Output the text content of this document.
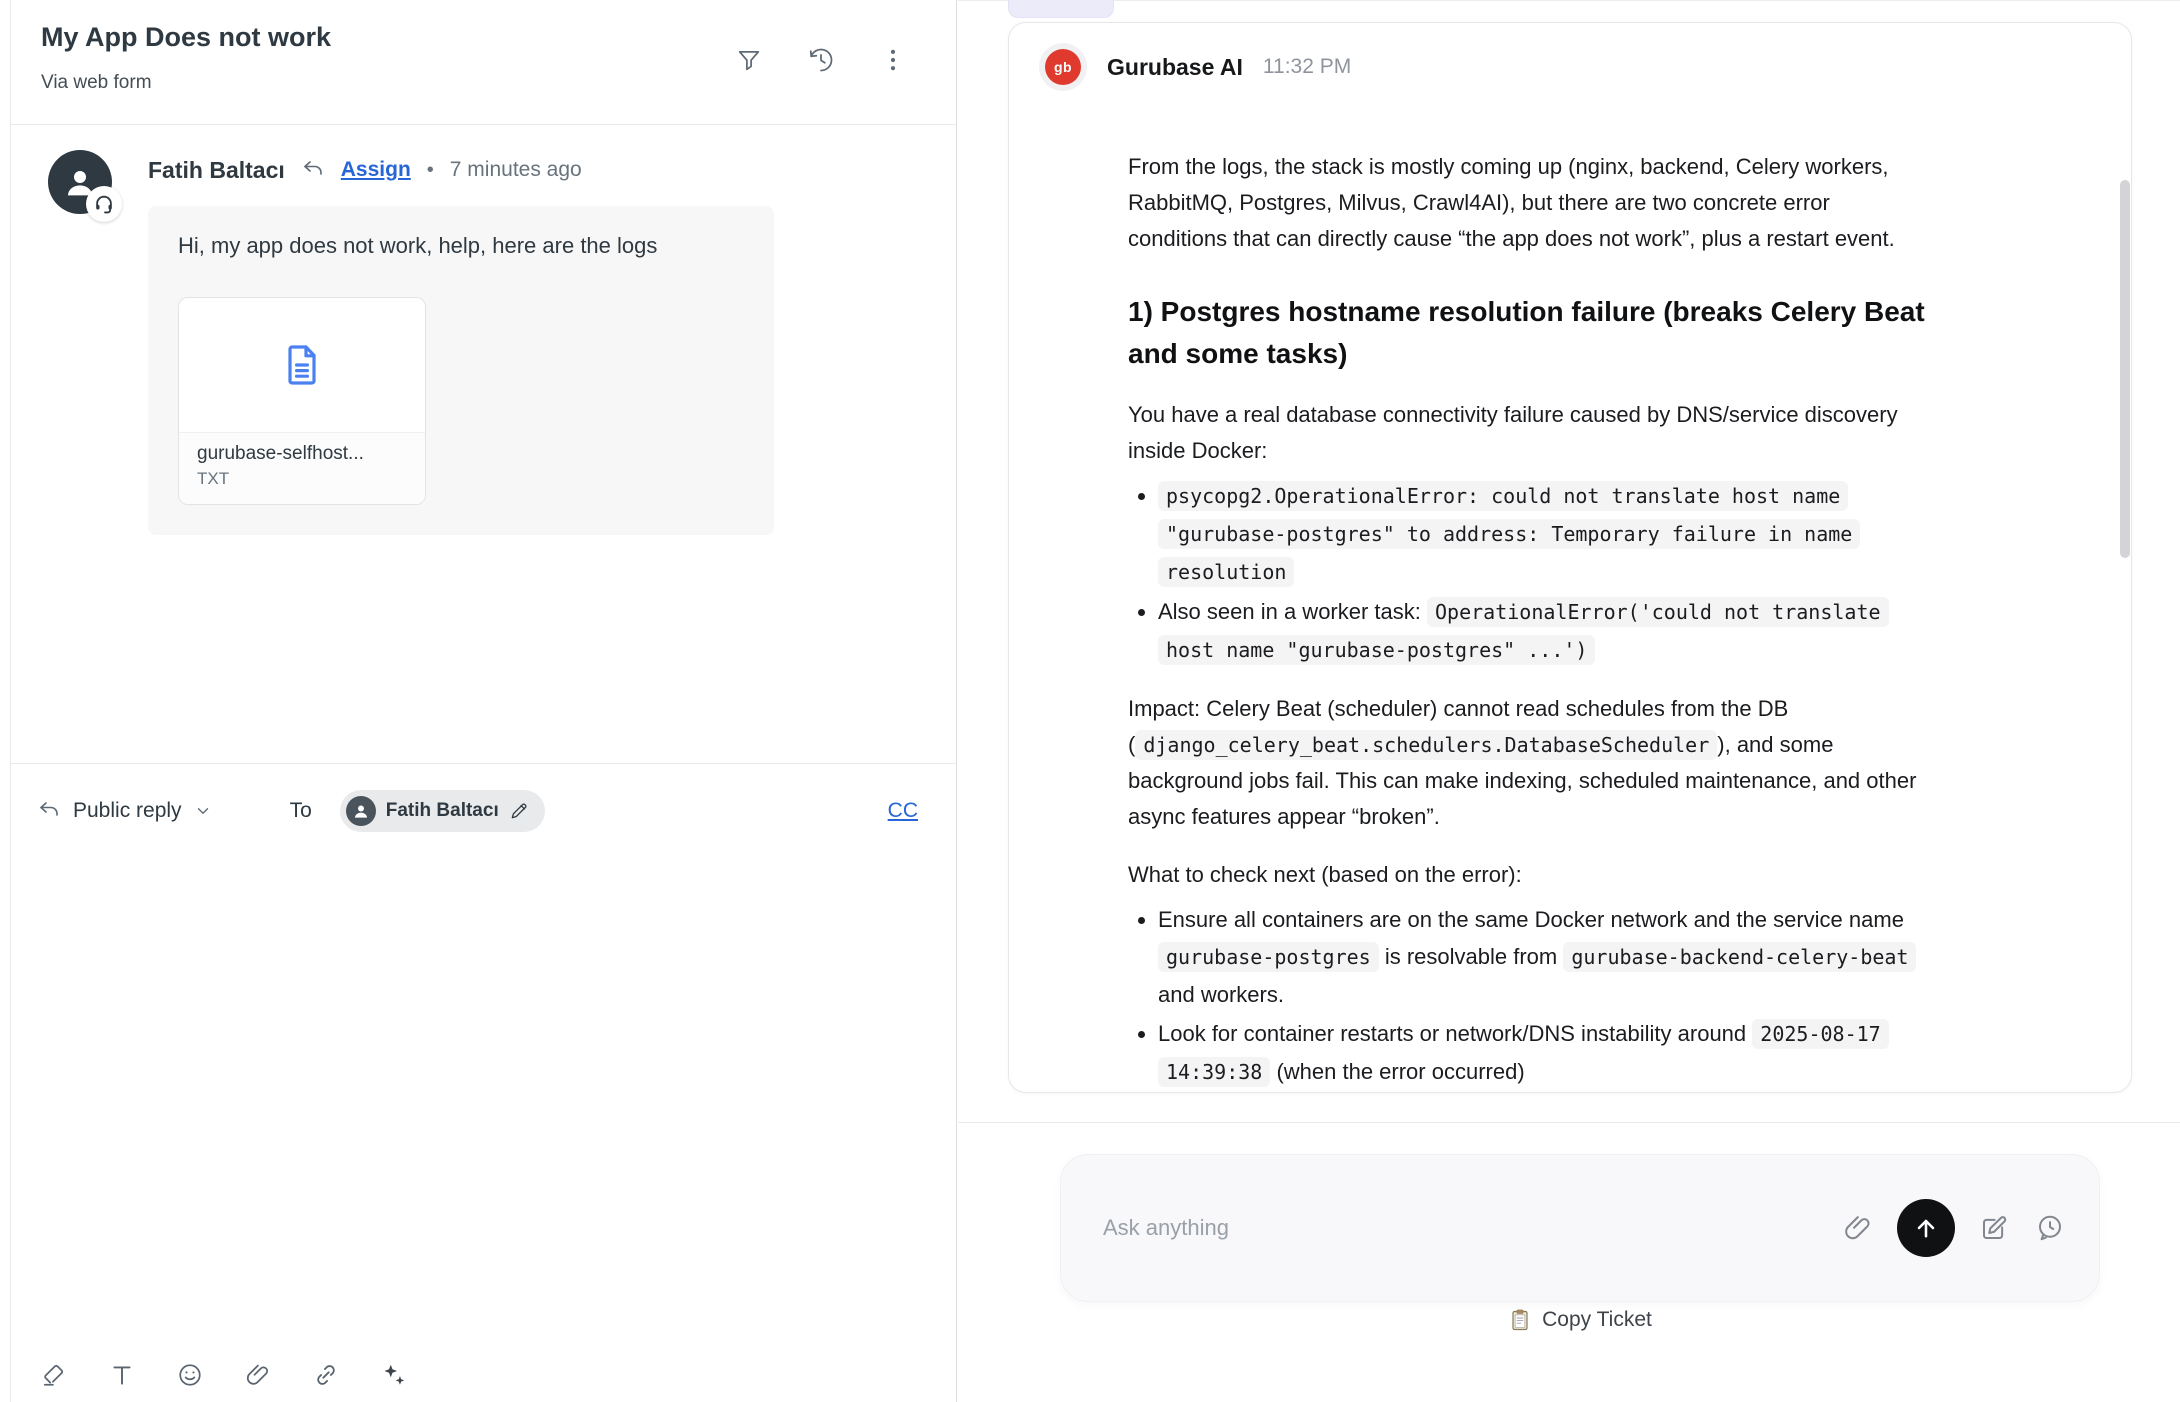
My App Does not work
Via web form
Fatih Baltacı	Assign • 7 minutes ago
Hi, my app does not work, help, here are the logs
gurubase-selfhost...
TXT
Public reply	To	Fatih Baltacı	CC
gb	Gurubase AI 11:32 PM

From the logs, the stack is mostly coming up (nginx, backend, Celery workers, RabbitMQ, Postgres, Milvus, Crawl4AI), but there are two concrete error conditions that can directly cause “the app does not work”, plus a restart event.

1) Postgres hostname resolution failure (breaks Celery Beat and some tasks)

You have a real database connectivity failure caused by DNS/service discovery inside Docker:

• psycopg2.OperationalError: could not translate host name "gurubase-postgres" to address: Temporary failure in name resolution
• Also seen in a worker task: OperationalError('could not translate host name "gurubase-postgres" ...')

Impact: Celery Beat (scheduler) cannot read schedules from the DB ( django_celery_beat.schedulers.DatabaseScheduler ), and some background jobs fail. This can make indexing, scheduled maintenance, and other async features appear “broken”.

What to check next (based on the error):

• Ensure all containers are on the same Docker network and the service name gurubase-postgres is resolvable from gurubase-backend-celery-beat and workers.
• Look for container restarts or network/DNS instability around 2025-08-17 14:39:38 (when the error occurred)
Ask anything
Copy Ticket
